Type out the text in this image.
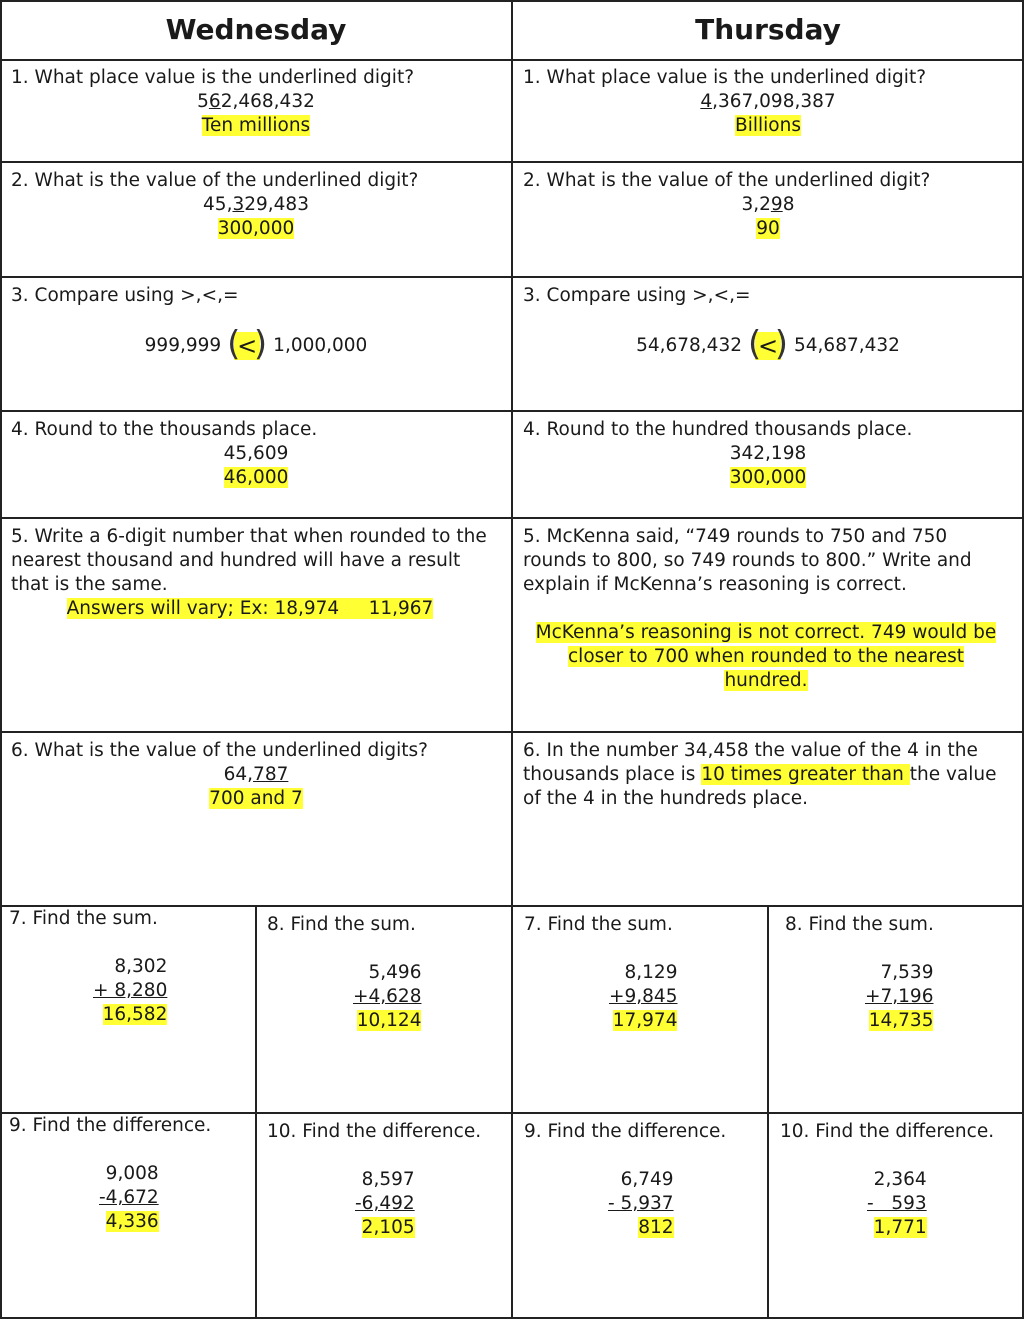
Wednesday	Thursday
1. What place value is the underlined digit?
562,468,432
Ten millions
1. What place value is the underlined digit?
4,367,098,387
Billions
2. What is the value of the underlined digit?
45,329,483
300,000
2. What is the value of the underlined digit?
3,298
90
3. Compare using >,<,=
999,999 (
<
) 1,000,000
3. Compare using >,<,=
54,678,432 (
<
) 54,687,432
4. Round to the thousands place.
45,609
46,000
4. Round to the hundred thousands place.
342,198
300,000
5. Write a 6-digit number that when rounded to the nearest thousand and hundred will have a result that is the same.
Answers will vary; Ex: 18,974     11,967
5. McKenna said, “749 rounds to 750 and 750 rounds to 800, so 749 rounds to 800.” Write and explain if McKenna’s reasoning is correct.
McKenna’s reasoning is not correct. 749 would be
closer to 700 when rounded to the nearest
hundred.
6. What is the value of the underlined digits?
64,787
700 and 7
6. In the number 34,458 the value of the 4 in the thousands place is 10 times greater than the value of the 4 in the hundreds place.
7. Find the sum.
8,302
+ 8,280
16,582
8. Find the sum.
5,496
+4,628
10,124
7. Find the sum.
8,129
+9,845
17,974
8. Find the sum.
7,539
+7,196
14,735
9. Find the difference.
9,008
-4,672
4,336
10. Find the difference.
8,597
-6,492
2,105
9. Find the difference.
6,749
- 5,937
812
10. Find the difference.
2,364
-   593
1,771
